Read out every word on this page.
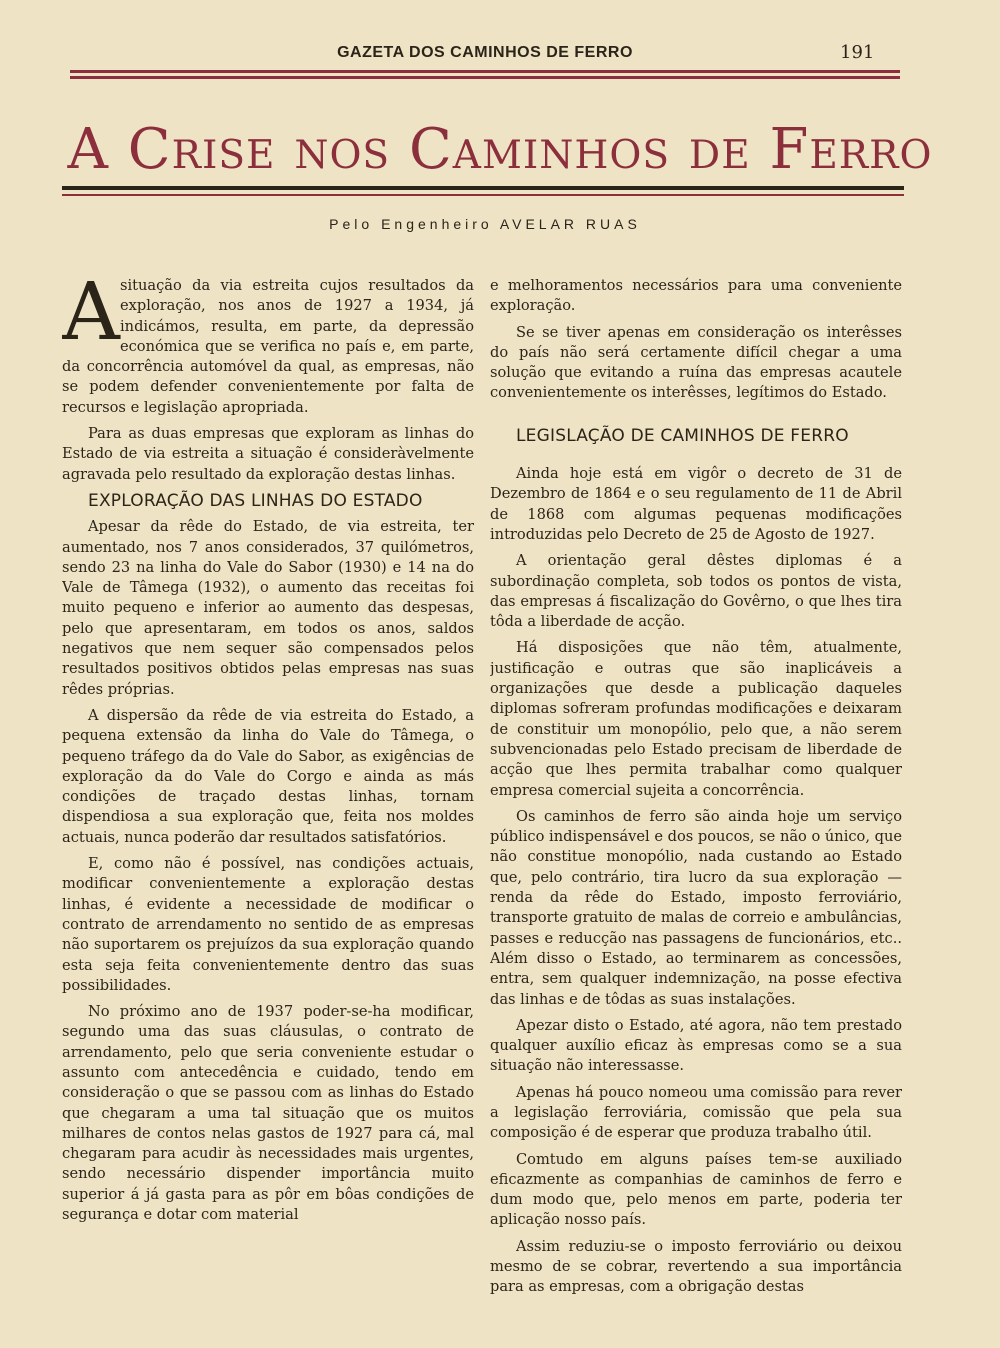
GAZETA DOS CAMINHOS DE FERRO	191
A Crise nos Caminhos de Ferro
Pelo Engenheiro AVELAR RUAS

A situação da via estreita cujos resultados da exploração, nos anos de 1927 a 1934, já indicámos, resulta, em parte, da depressão económica que se verifica no país e, em parte, da concorrência automóvel da qual, as empresas, não se podem defender convenientemente por falta de recursos e legislação apropriada.

Para as duas empresas que exploram as linhas do Estado de via estreita a situação é consideràvelmente agravada pelo resultado da exploração destas linhas.

EXPLORAÇÃO DAS LINHAS DO ESTADO

Apesar da rêde do Estado, de via estreita, ter aumentado, nos 7 anos considerados, 37 quilómetros, sendo 23 na linha do Vale do Sabor (1930) e 14 na do Vale de Tâmega (1932), o aumento das receitas foi muito pequeno e inferior ao aumento das despesas, pelo que apresentaram, em todos os anos, saldos negativos que nem sequer são compensados pelos resultados positivos obtidos pelas empresas nas suas rêdes próprias.

A dispersão da rêde de via estreita do Estado, a pequena extensão da linha do Vale do Tâmega, o pequeno tráfego da do Vale do Sabor, as exigências de exploração da do Vale do Corgo e ainda as más condições de traçado destas linhas, tornam dispendiosa a sua exploração que, feita nos moldes actuais, nunca poderão dar resultados satisfatórios.

E, como não é possível, nas condições actuais, modificar convenientemente a exploração destas linhas, é evidente a necessidade de modificar o contrato de arrendamento no sentido de as empresas não suportarem os prejuízos da sua exploração quando esta seja feita convenientemente dentro das suas possibilidades.

No próximo ano de 1937 poder-se-ha modificar, segundo uma das suas cláusulas, o contrato de arrendamento, pelo que seria conveniente estudar o assunto com antecedência e cuidado, tendo em consideração o que se passou com as linhas do Estado que chegaram a uma tal situação que os muitos milhares de contos nelas gastos de 1927 para cá, mal chegaram para acudir às necessidades mais urgentes, sendo necessário dispender importância muito superior á já gasta para as pôr em bôas condições de segurança e dotar com material

e melhoramentos necessários para uma conveniente exploração.

Se se tiver apenas em consideração os interêsses do país não será certamente difícil chegar a uma solução que evitando a ruína das empresas acautele convenientemente os interêsses, legítimos do Estado.

LEGISLAÇÃO DE CAMINHOS DE FERRO

Ainda hoje está em vigôr o decreto de 31 de Dezembro de 1864 e o seu regulamento de 11 de Abril de 1868 com algumas pequenas modificações introduzidas pelo Decreto de 25 de Agosto de 1927.

A orientação geral dêstes diplomas é a subordinação completa, sob todos os pontos de vista, das empresas á fiscalização do Govêrno, o que lhes tira tôda a liberdade de acção.

Há disposições que não têm, atualmente, justificação e outras que são inaplicáveis a organizações que desde a publicação daqueles diplomas sofreram profundas modificações e deixaram de constituir um monopólio, pelo que, a não serem subvencionadas pelo Estado precisam de liberdade de acção que lhes permita trabalhar como qualquer empresa comercial sujeita a concorrência.

Os caminhos de ferro são ainda hoje um serviço público indispensável e dos poucos, se não o único, que não constitue monopólio, nada custando ao Estado que, pelo contrário, tira lucro da sua exploração — renda da rêde do Estado, imposto ferroviário, transporte gratuito de malas de correio e ambulâncias, passes e reducção nas passagens de funcionários, etc.. Além disso o Estado, ao terminarem as concessões, entra, sem qualquer indemnização, na posse efectiva das linhas e de tôdas as suas instalações.

Apezar disto o Estado, até agora, não tem prestado qualquer auxílio eficaz às empresas como se a sua situação não interessasse.

Apenas há pouco nomeou uma comissão para rever a legislação ferroviária, comissão que pela sua composição é de esperar que produza trabalho útil.

Comtudo em alguns países tem-se auxiliado eficazmente as companhias de caminhos de ferro e dum modo que, pelo menos em parte, poderia ter aplicação nosso país.

Assim reduziu-se o imposto ferroviário ou deixou mesmo de se cobrar, revertendo a sua importância para as empresas, com a obrigação destas
